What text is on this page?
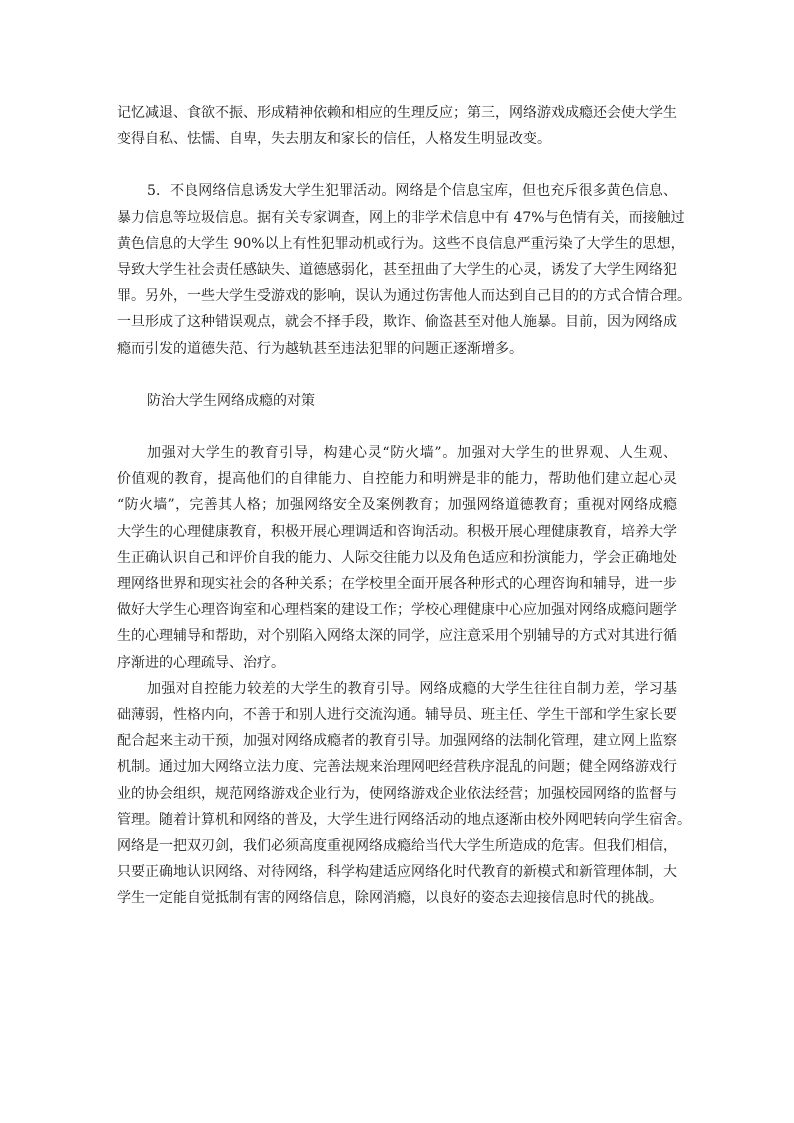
记忆减退、食欲不振、形成精神依赖和相应的生理反应；第三，网络游戏成瘾还会使大学生
变得自私、怯懦、自卑，失去朋友和家长的信任，人格发生明显改变。
5．不良网络信息诱发大学生犯罪活动。网络是个信息宝库，但也充斥很多黄色信息、
暴力信息等垃圾信息。据有关专家调查，网上的非学术信息中有 47%与色情有关，而接触过
黄色信息的大学生 90%以上有性犯罪动机或行为。这些不良信息严重污染了大学生的思想，
导致大学生社会责任感缺失、道德感弱化，甚至扭曲了大学生的心灵，诱发了大学生网络犯
罪。另外，一些大学生受游戏的影响，误认为通过伤害他人而达到自己目的的方式合情合理。
一旦形成了这种错误观点，就会不择手段，欺诈、偷盗甚至对他人施暴。目前，因为网络成
瘾而引发的道德失范、行为越轨甚至违法犯罪的问题正逐渐增多。
防治大学生网络成瘾的对策
加强对大学生的教育引导，构建心灵“防火墙”。加强对大学生的世界观、人生观、
价值观的教育，提高他们的自律能力、自控能力和明辨是非的能力，帮助他们建立起心灵
“防火墙”，完善其人格；加强网络安全及案例教育；加强网络道德教育；重视对网络成瘾
大学生的心理健康教育，积极开展心理调适和咨询活动。积极开展心理健康教育，培养大学
生正确认识自己和评价自我的能力、人际交往能力以及角色适应和扮演能力，学会正确地处
理网络世界和现实社会的各种关系；在学校里全面开展各种形式的心理咨询和辅导，进一步
做好大学生心理咨询室和心理档案的建设工作；学校心理健康中心应加强对网络成瘾问题学
生的心理辅导和帮助，对个别陷入网络太深的同学，应注意采用个别辅导的方式对其进行循
序渐进的心理疏导、治疗。
加强对自控能力较差的大学生的教育引导。网络成瘾的大学生往往自制力差，学习基
础薄弱，性格内向，不善于和别人进行交流沟通。辅导员、班主任、学生干部和学生家长要
配合起来主动干预，加强对网络成瘾者的教育引导。加强网络的法制化管理，建立网上监察
机制。通过加大网络立法力度、完善法规来治理网吧经营秩序混乱的问题；健全网络游戏行
业的协会组织，规范网络游戏企业行为，使网络游戏企业依法经营；加强校园网络的监督与
管理。随着计算机和网络的普及，大学生进行网络活动的地点逐渐由校外网吧转向学生宿舍。
网络是一把双刃剑，我们必须高度重视网络成瘾给当代大学生所造成的危害。但我们相信，
只要正确地认识网络、对待网络，科学构建适应网络化时代教育的新模式和新管理体制，大
学生一定能自觉抵制有害的网络信息，除网消瘾，以良好的姿态去迎接信息时代的挑战。
